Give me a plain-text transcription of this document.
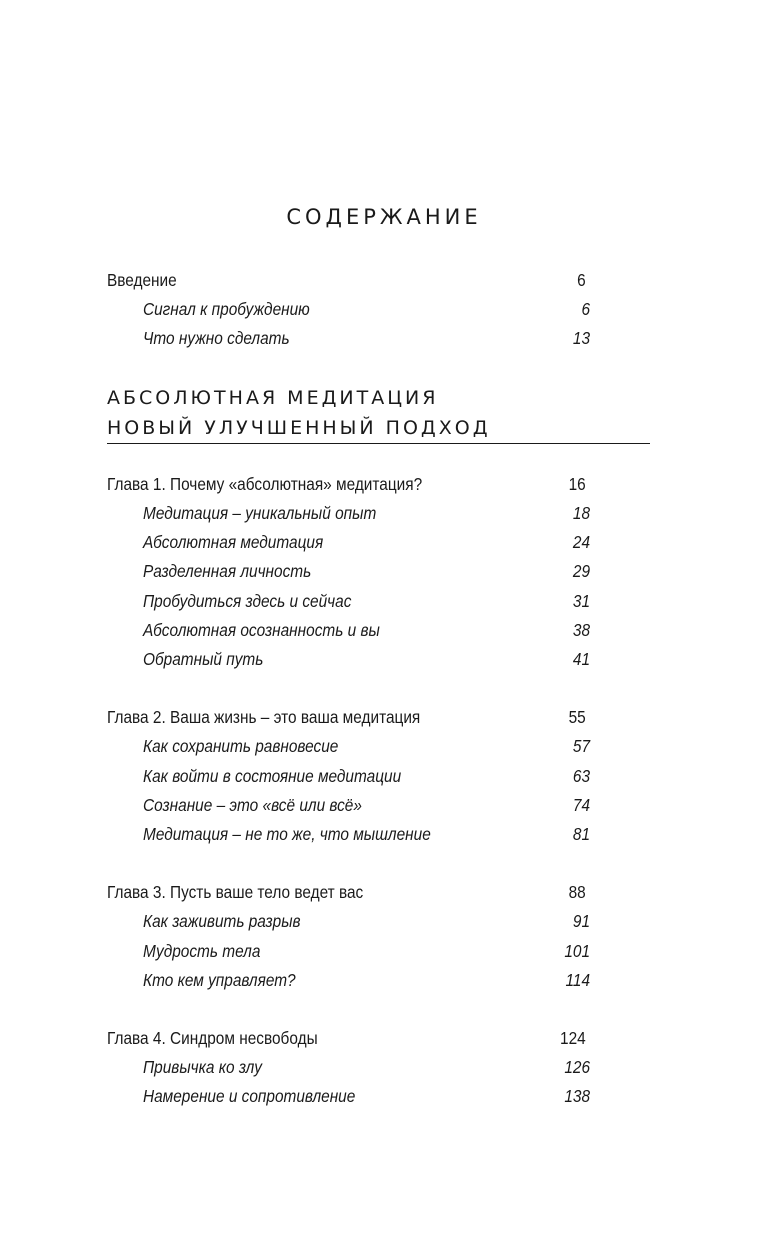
СОДЕРЖАНИЕ
Введение	6
Сигнал к пробуждению	6
Что нужно сделать	13
АБСОЛЮТНАЯ МЕДИТАЦИЯ
НОВЫЙ УЛУЧШЕННЫЙ ПОДХОД
Глава 1. Почему «абсолютная» медитация?	16
Медитация – уникальный опыт	18
Абсолютная медитация	24
Разделенная личность	29
Пробудиться здесь и сейчас	31
Абсолютная осознанность и вы	38
Обратный путь	41
Глава 2. Ваша жизнь – это ваша медитация	55
Как сохранить равновесие	57
Как войти в состояние медитации	63
Сознание – это «всё или всё»	74
Медитация – не то же, что мышление	81
Глава 3. Пусть ваше тело ведет вас	88
Как заживить разрыв	91
Мудрость тела	101
Кто кем управляет?	114
Глава 4. Синдром несвободы	124
Привычка ко злу	126
Намерение и сопротивление	138
